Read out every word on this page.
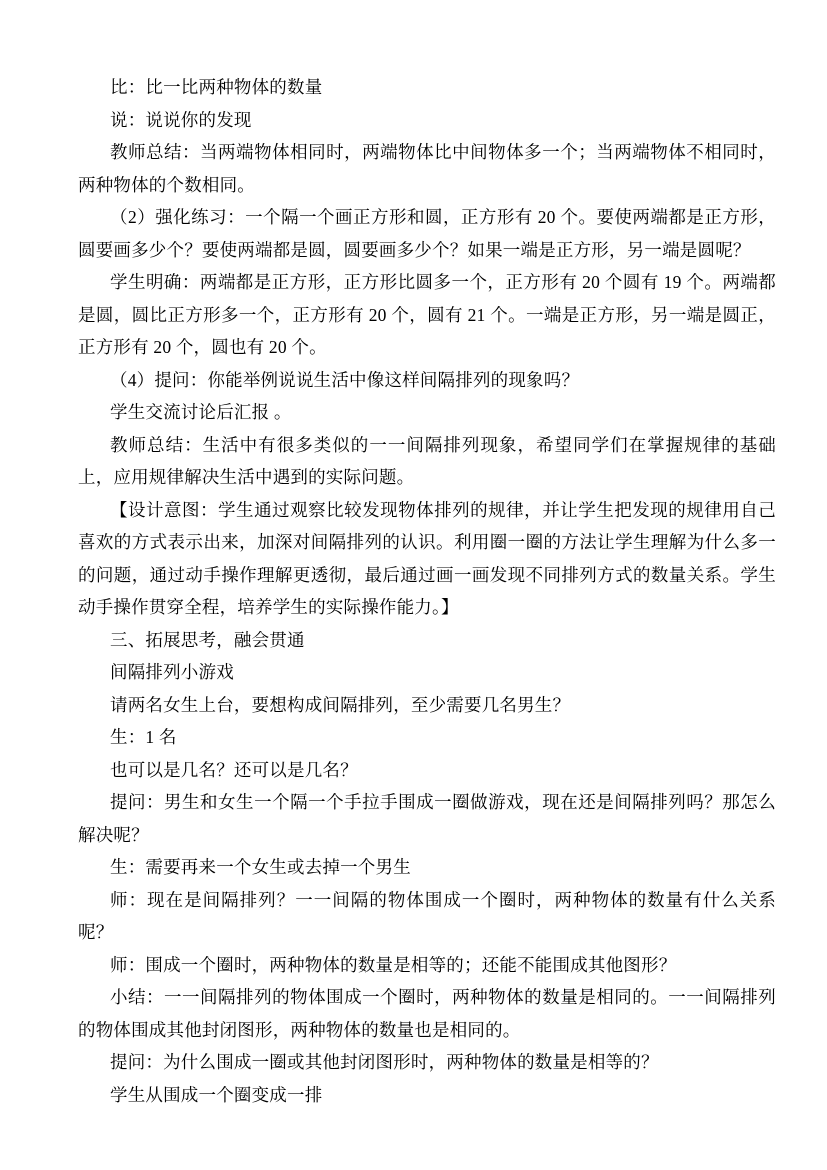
比：比一比两种物体的数量

说：说说你的发现

教师总结：当两端物体相同时，两端物体比中间物体多一个；当两端物体不相同时， 两种物体的个数相同。

（2）强化练习：一个隔一个画正方形和圆，正方形有 20 个。要使两端都是正方形，圆要画多少个？要使两端都是圆，圆要画多少个？如果一端是正方形，另一端是圆呢？

学生明确：两端都是正方形，正方形比圆多一个，正方形有 20 个圆有 19 个。两端都是圆，圆比正方形多一个，正方形有 20 个，圆有 21 个。一端是正方形，另一端是圆正，正方形有 20 个，圆也有 20 个。

（4）提问：你能举例说说生活中像这样间隔排列的现象吗？

学生交流讨论后汇报 。

教师总结：生活中有很多类似的一一间隔排列现象，希望同学们在掌握规律的基础上，应用规律解决生活中遇到的实际问题。

【设计意图：学生通过观察比较发现物体排列的规律，并让学生把发现的规律用自己喜欢的方式表示出来，加深对间隔排列的认识。利用圈一圈的方法让学生理解为什么多一的问题，通过动手操作理解更透彻，最后通过画一画发现不同排列方式的数量关系。学生动手操作贯穿全程，培养学生的实际操作能力。】

三、拓展思考，融会贯通

间隔排列小游戏

请两名女生上台，要想构成间隔排列，至少需要几名男生？

生：1 名

也可以是几名？还可以是几名？

提问：男生和女生一个隔一个手拉手围成一圈做游戏，现在还是间隔排列吗？那怎么解决呢？

生：需要再来一个女生或去掉一个男生

师：现在是间隔排列？一一间隔的物体围成一个圈时，两种物体的数量有什么关系呢？

师：围成一个圈时，两种物体的数量是相等的；还能不能围成其他图形？

小结：一一间隔排列的物体围成一个圈时，两种物体的数量是相同的。一一间隔排列的物体围成其他封闭图形，两种物体的数量也是相同的。

提问：为什么围成一圈或其他封闭图形时，两种物体的数量是相等的？

学生从围成一个圈变成一排
